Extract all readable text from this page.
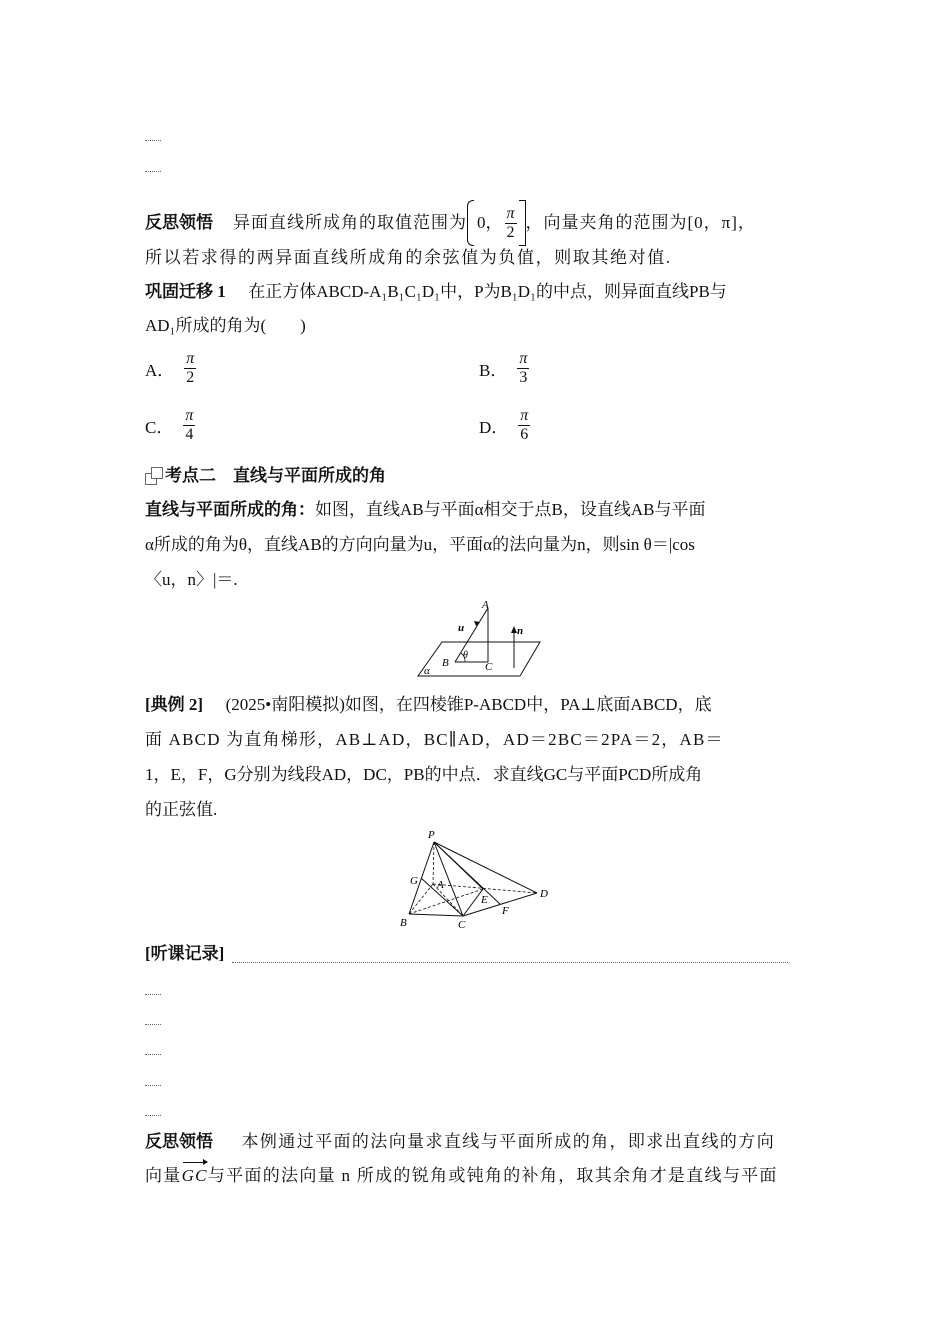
反思领悟 异面直线所成角的取值范围为 0， $\frac{\pi}{2}$ ，向量夹角的范围为[0，π]，
所以若求得的两异面直线所成角的余弦值为负值，则取其绝对值.
巩固迁移 1 在正方体ABCD-A₁B₁C₁D₁中，P为B₁D₁的中点，则异面直线PB与
AD₁所成的角为(　　)
A． $\frac{\pi}{2}$	B． $\frac{\pi}{3}$
C． $\frac{\pi}{4}$	D． $\frac{\pi}{6}$
考点二　直线与平面所成的角
直线与平面所成的角：如图，直线AB与平面α相交于点B，设直线AB与平面
α所成的角为θ，直线AB的方向向量为u，平面α的法向量为n，则sin θ＝|cos
〈u，n〉|＝.
A
u	n
θ
B	C
α
[典例 2] (2025•南阳模拟)如图，在四棱锥P-ABCD中，PA⊥底面ABCD，底
面 ABCD 为直角梯形，AB⊥AD，BC∥AD，AD＝2BC＝2PA＝2，AB＝
1，E，F，G分别为线段AD，DC，PB的中点．求直线GC与平面PCD所成角
的正弦值.
P
G A
B	C
E
F
D
[听课记录]
反思领悟 本例通过平面的法向量求直线与平面所成的角，即求出直线的方向
向量GC与平面的法向量 n 所成的锐角或钝角的补角，取其余角才是直线与平面
